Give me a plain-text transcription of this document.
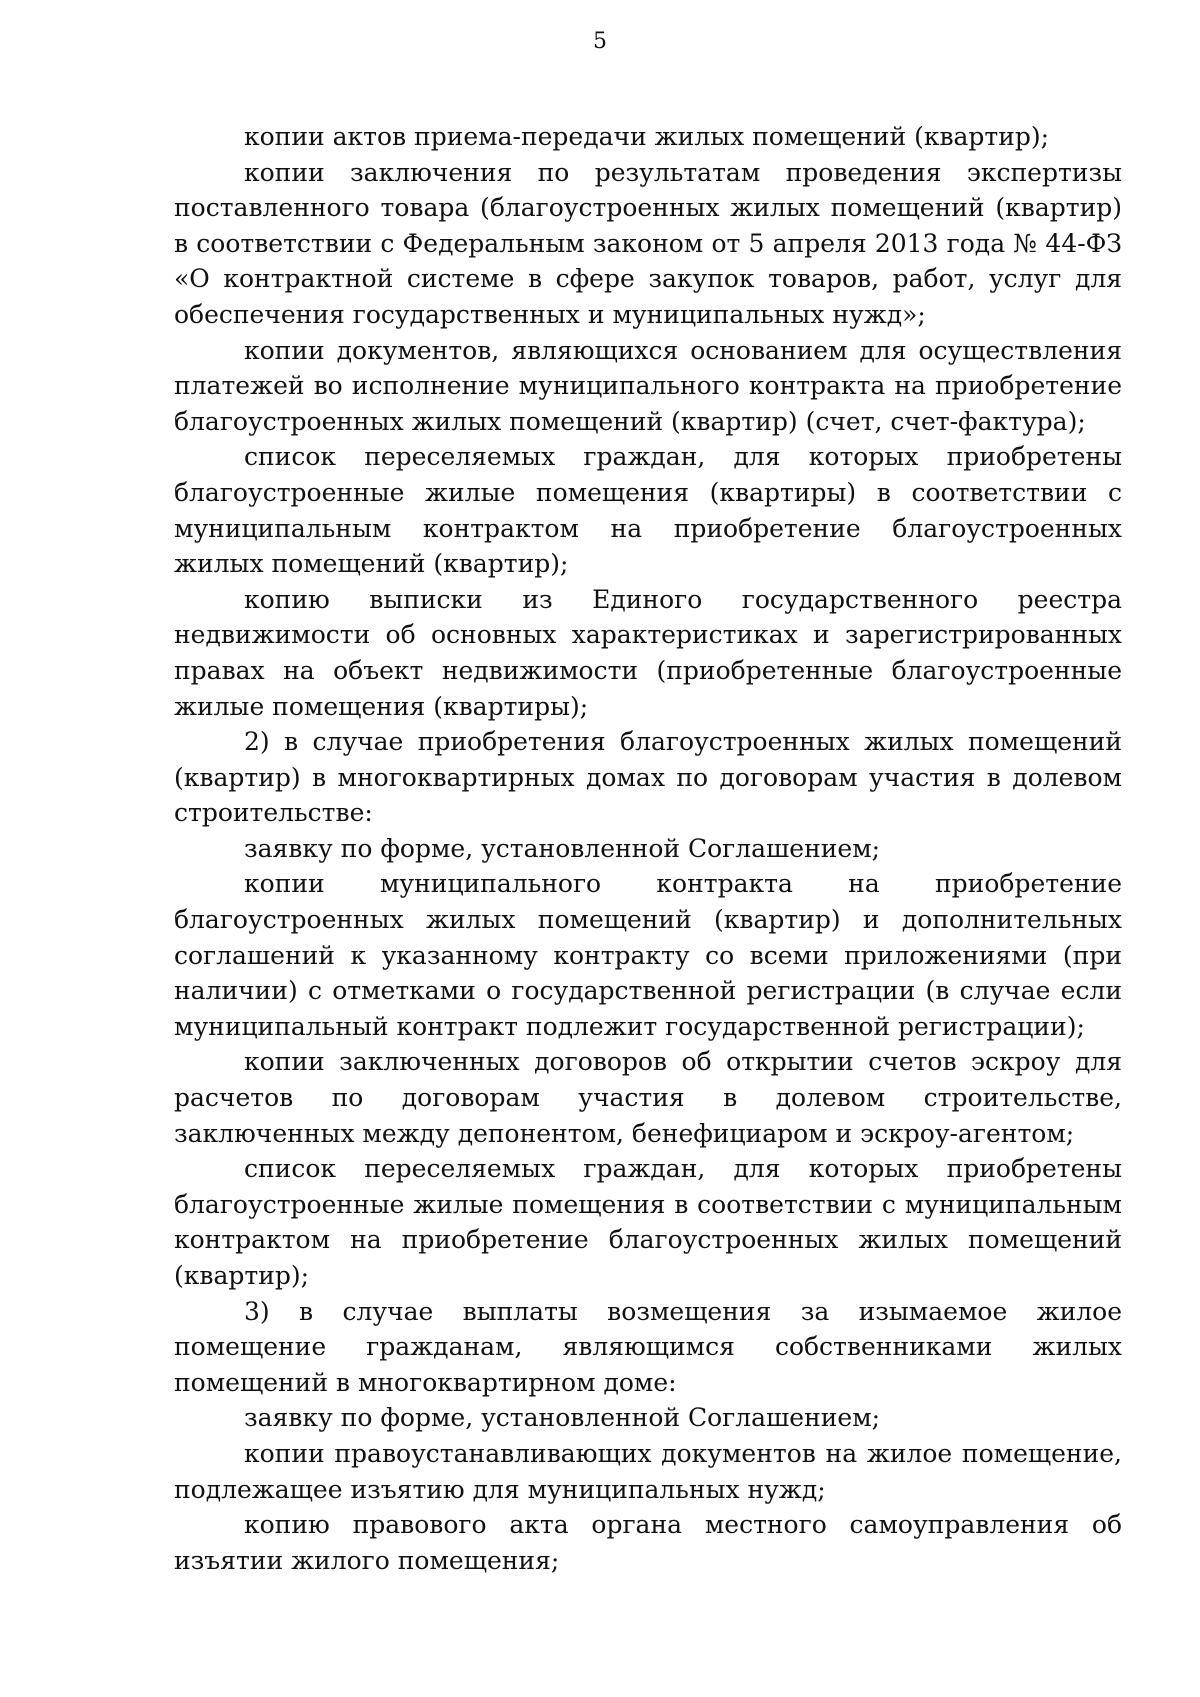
5

копии актов приема-передачи жилых помещений (квартир);

копии заключения по результатам проведения экспертизы поставленного товара (благоустроенных жилых помещений (квартир) в соответствии с Федеральным законом от 5 апреля 2013 года № 44-ФЗ «О контрактной системе в сфере закупок товаров, работ, услуг для обеспечения государственных и муниципальных нужд»;

копии документов, являющихся основанием для осуществления платежей во исполнение муниципального контракта на приобретение благоустроенных жилых помещений (квартир) (счет, счет-фактура);

список переселяемых граждан, для которых приобретены благоустроенные жилые помещения (квартиры) в соответствии с муниципальным контрактом на приобретение благоустроенных жилых помещений (квартир);

копию выписки из Единого государственного реестра недвижимости об основных характеристиках и зарегистрированных правах на объект недвижимости (приобретенные благоустроенные жилые помещения (квартиры);

2) в случае приобретения благоустроенных жилых помещений (квартир) в многоквартирных домах по договорам участия в долевом строительстве:

заявку по форме, установленной Соглашением;

копии муниципального контракта на приобретение благоустроенных жилых помещений (квартир) и дополнительных соглашений к указанному контракту со всеми приложениями (при наличии) с отметками о государственной регистрации (в случае если муниципальный контракт подлежит государственной регистрации);

копии заключенных договоров об открытии счетов эскроу для расчетов по договорам участия в долевом строительстве, заключенных между депонентом, бенефициаром и эскроу-агентом;

список переселяемых граждан, для которых приобретены благоустроенные жилые помещения в соответствии с муниципальным контрактом на приобретение благоустроенных жилых помещений (квартир);

3) в случае выплаты возмещения за изымаемое жилое помещение гражданам, являющимся собственниками жилых помещений в многоквартирном доме:

заявку по форме, установленной Соглашением;

копии правоустанавливающих документов на жилое помещение, подлежащее изъятию для муниципальных нужд;

копию правового акта органа местного самоуправления об изъятии жилого помещения;
